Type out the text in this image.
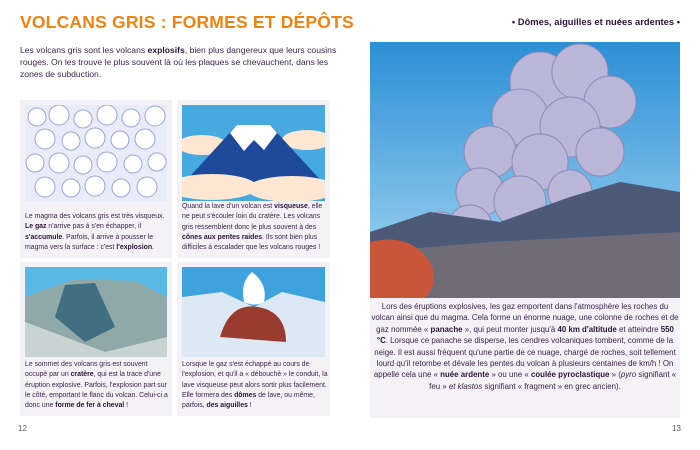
VOLCANS GRIS : FORMES ET DÉPÔTS
Les volcans gris sont les volcans explosifs, bien plus dangereux que leurs cousins rouges. On les trouve le plus souvent là où les plaques se chevauchent, dans les zones de subduction.
Le magma des volcans gris est très visqueux. Le gaz n'arrive pas à s'en échapper, il s'accumule. Parfois, il arrive à pousser le magma vers la surface : c'est l'explosion.
Quand la lave d'un volcan est visqueuse, elle ne peut s'écouler loin du cratère. Les volcans gris ressemblent donc le plus souvent à des cônes aux pentes raides. Ils sont bien plus difficiles à escalader que les volcans rouges !
Le sommet des volcans gris est souvent occupé par un cratère, qui est la trace d'une éruption explosive. Parfois, l'explosion part sur le côté, emportant le flanc du volcan. Celui-ci a donc une forme de fer à cheval !
Lorsque le gaz s'est échappé au cours de l'explosion, et qu'il a « débouché » le conduit, la lave visqueuse peut alors sortir plus facilement. Elle formera des dômes de lave, ou même, parfois, des aiguilles !
12
• Dômes, aiguilles et nuées ardentes •
Lors des éruptions explosives, les gaz emportent dans l'atmosphère les roches du volcan ainsi que du magma. Cela forme un énorme nuage, une colonne de roches et de gaz nommée « panache », qui peut monter jusqu'à 40 km d'altitude et atteindre 550 °C. Lorsque ce panache se disperse, les cendres volcaniques tombent, comme de la neige. Il est aussi fréquent qu'une partie de ce nuage, chargé de roches, soit tellement lourd qu'il retombe et dévale les pentes du volcan à plusieurs centaines de km/h ! On appelle cela une « nuée ardente » ou une « coulée pyroclastique » (pyro signifiant « feu » et klastos signifiant « fragment » en grec ancien).
13
